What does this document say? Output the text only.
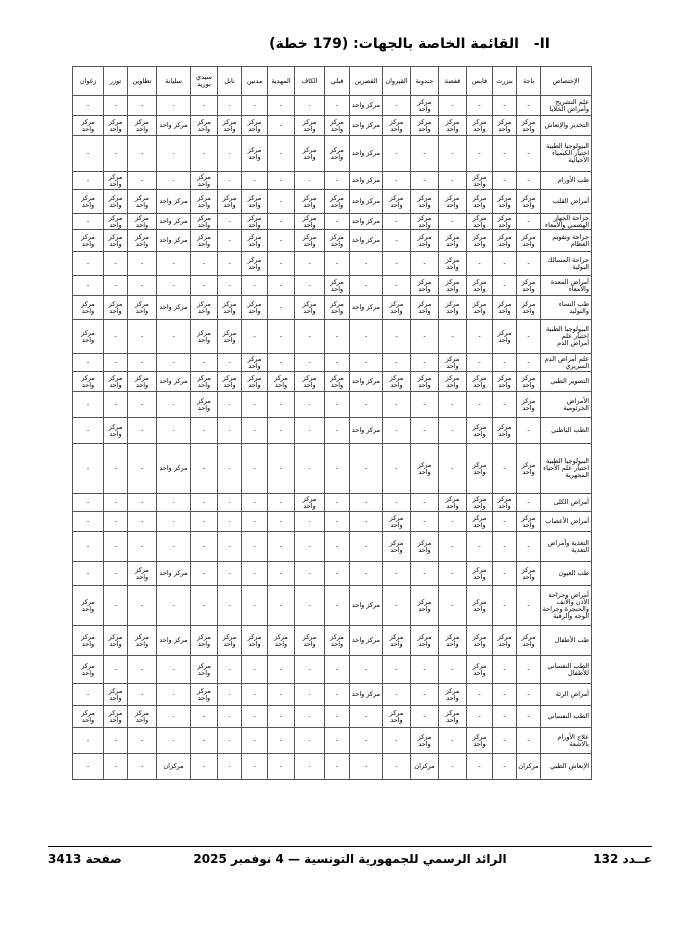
II- القائمة الخاصة بالجهات: (179 خطة)
الإختصاص	باجة	بنزرت	قابس	قفصة	جندوبة	القيروان	القصرين	قبلي	الكاف	المهدية	مدنين	نابل	سيدي بوزيد	سليانة	تطاوين	توزر	زغوان
علم التشريح وأمراض الخلايا	-	-	-	-	مركز واحد	-	مركز واحد	-	-	-	-	-	-	-	-	-	-
التخدير والإنعاش	مركز واحد	مركز واحد	مركز واحد	مركز واحد	مركز واحد	مركز واحد	مركز واحد	مركز واحد	مركز واحد	-	مركز واحد	مركز واحد	مركز واحد	مركز واحد	مركز واحد	مركز واحد	مركز واحد
البيولوجيا الطبية اختيار الكيمياء الأحيائية	-	-	-	-	-	-	مركز واحد	مركز واحد	مركز واحد	-	مركز واحد	-	-	-	-	-	-
طب الأورام	-	-	مركز واحد	-	-	-	مركز واحد	-	-	-	-	-	مركز واحد	-	-	مركز واحد	-
أمراض القلب	مركز واحد	مركز واحد	مركز واحد	مركز واحد	مركز واحد	مركز واحد	مركز واحد	مركز واحد	مركز واحد	-	مركز واحد	مركز واحد	مركز واحد	مركز واحد	مركز واحد	مركز واحد	مركز واحد
جراحة الجهاز الهضمي والأمعاء	-	مركز واحد	مركز واحد	-	مركز واحد	-	مركز واحد	-	مركز واحد	-	مركز واحد	-	مركز واحد	مركز واحد	مركز واحد	مركز واحد	-
جراحة وتقويم العظام	مركز واحد	مركز واحد	مركز واحد	مركز واحد	مركز واحد	-	مركز واحد	مركز واحد	مركز واحد	-	مركز واحد	-	مركز واحد	مركز واحد	مركز واحد	مركز واحد	مركز واحد
جراحة المسالك البولية	-	-	-	مركز واحد	-	-	-	-	-	-	مركز واحد	-	-	-	-	-	-
أمراض المعدة والأمعاء	مركز واحد	-	مركز واحد	مركز واحد	مركز واحد	-	-	مركز واحد	-	-	-	-	-	-	-	-	-
طب النساء والتوليد	مركز واحد	مركز واحد	مركز واحد	مركز واحد	مركز واحد	مركز واحد	مركز واحد	مركز واحد	مركز واحد	-	مركز واحد	مركز واحد	مركز واحد	مركز واحد	مركز واحد	مركز واحد	مركز واحد
البيولوجيا الطبية اختيار علم أمراض الدم	-	مركز واحد	-	-	-	-	-	-	-	-	-	مركز واحد	مركز واحد	-	-	-	مركز واحد
علم أمراض الدم السريري	-	-	-	مركز واحد	-	-	-	-	-	-	مركز واحد	-	-	-	-	-	-
التصوير الطبي	مركز واحد	مركز واحد	مركز واحد	مركز واحد	مركز واحد	مركز واحد	مركز واحد	مركز واحد	مركز واحد	مركز واحد	مركز واحد	مركز واحد	مركز واحد	مركز واحد	مركز واحد	مركز واحد	مركز واحد
الأمراض الجرثومية	مركز واحد	-	-	-	-	-	-	-	-	-	-	-	مركز واحد	-	-	-	-
الطب الباطني	-	مركز واحد	مركز واحد	-	-	-	مركز واحد	-	-	-	-	-	-	-	-	مركز واحد	-
البيولوجيا الطبية اختيار علم الأحياء المجهرية	مركز واحد	-	مركز واحد	-	مركز واحد	-	-	-	-	-	-	-	-	مركز واحد	-	-	-
أمراض الكلى	-	مركز واحد	مركز واحد	مركز واحد	-	-	-	-	مركز واحد	-	-	-	-	-	-	-	-
أمراض الأعصاب	مركز واحد	-	مركز واحد	-	-	مركز واحد	-	-	-	-	-	-	-	-	-	-	-
التغذية وأمراض التغذية	-	-	-	-	مركز واحد	مركز واحد	-	-	-	-	-	-	-	-	-	-	-
طب العيون	مركز واحد	-	مركز واحد	-	-	-	-	-	-	-	-	-	-	مركز واحد	مركز واحد	-	-
أمراض وجراحة الأذن والأنف والحنجرة وجراحة الوجه والرقبة	-	-	مركز واحد	-	مركز واحد	-	مركز واحد	-	-	-	-	-	-	-	-	-	مركز واحد
طب الأطفال	مركز واحد	مركز واحد	مركز واحد	مركز واحد	مركز واحد	مركز واحد	مركز واحد	مركز واحد	مركز واحد	مركز واحد	مركز واحد	مركز واحد	مركز واحد	مركز واحد	مركز واحد	مركز واحد	مركز واحد
الطب النفساني للأطفال	-	-	مركز واحد	-	-	-	-	-	-	-	-	-	مركز واحد	-	-	-	مركز واحد
أمراض الرئة	-	-	-	مركز واحد	-	-	مركز واحد	-	-	-	-	-	مركز واحد	-	-	مركز واحد	-
الطب النفساني	-	-	-	مركز واحد	-	مركز واحد	-	-	-	-	-	-	-	-	مركز واحد	مركز واحد	مركز واحد
علاج الأورام بالأشعة	-	-	مركز واحد	-	مركز واحد	-	-	-	-	-	-	-	-	-	-	-	-
الإنعاش الطبي	مركزان	-	-	-	مركزان	-	-	-	-	-	-	-	-	مركزان	-	-	-
عــدد 132
الرائد الرسمي للجمهورية التونسية — 4 نوفمبر 2025
صفحة 3413
